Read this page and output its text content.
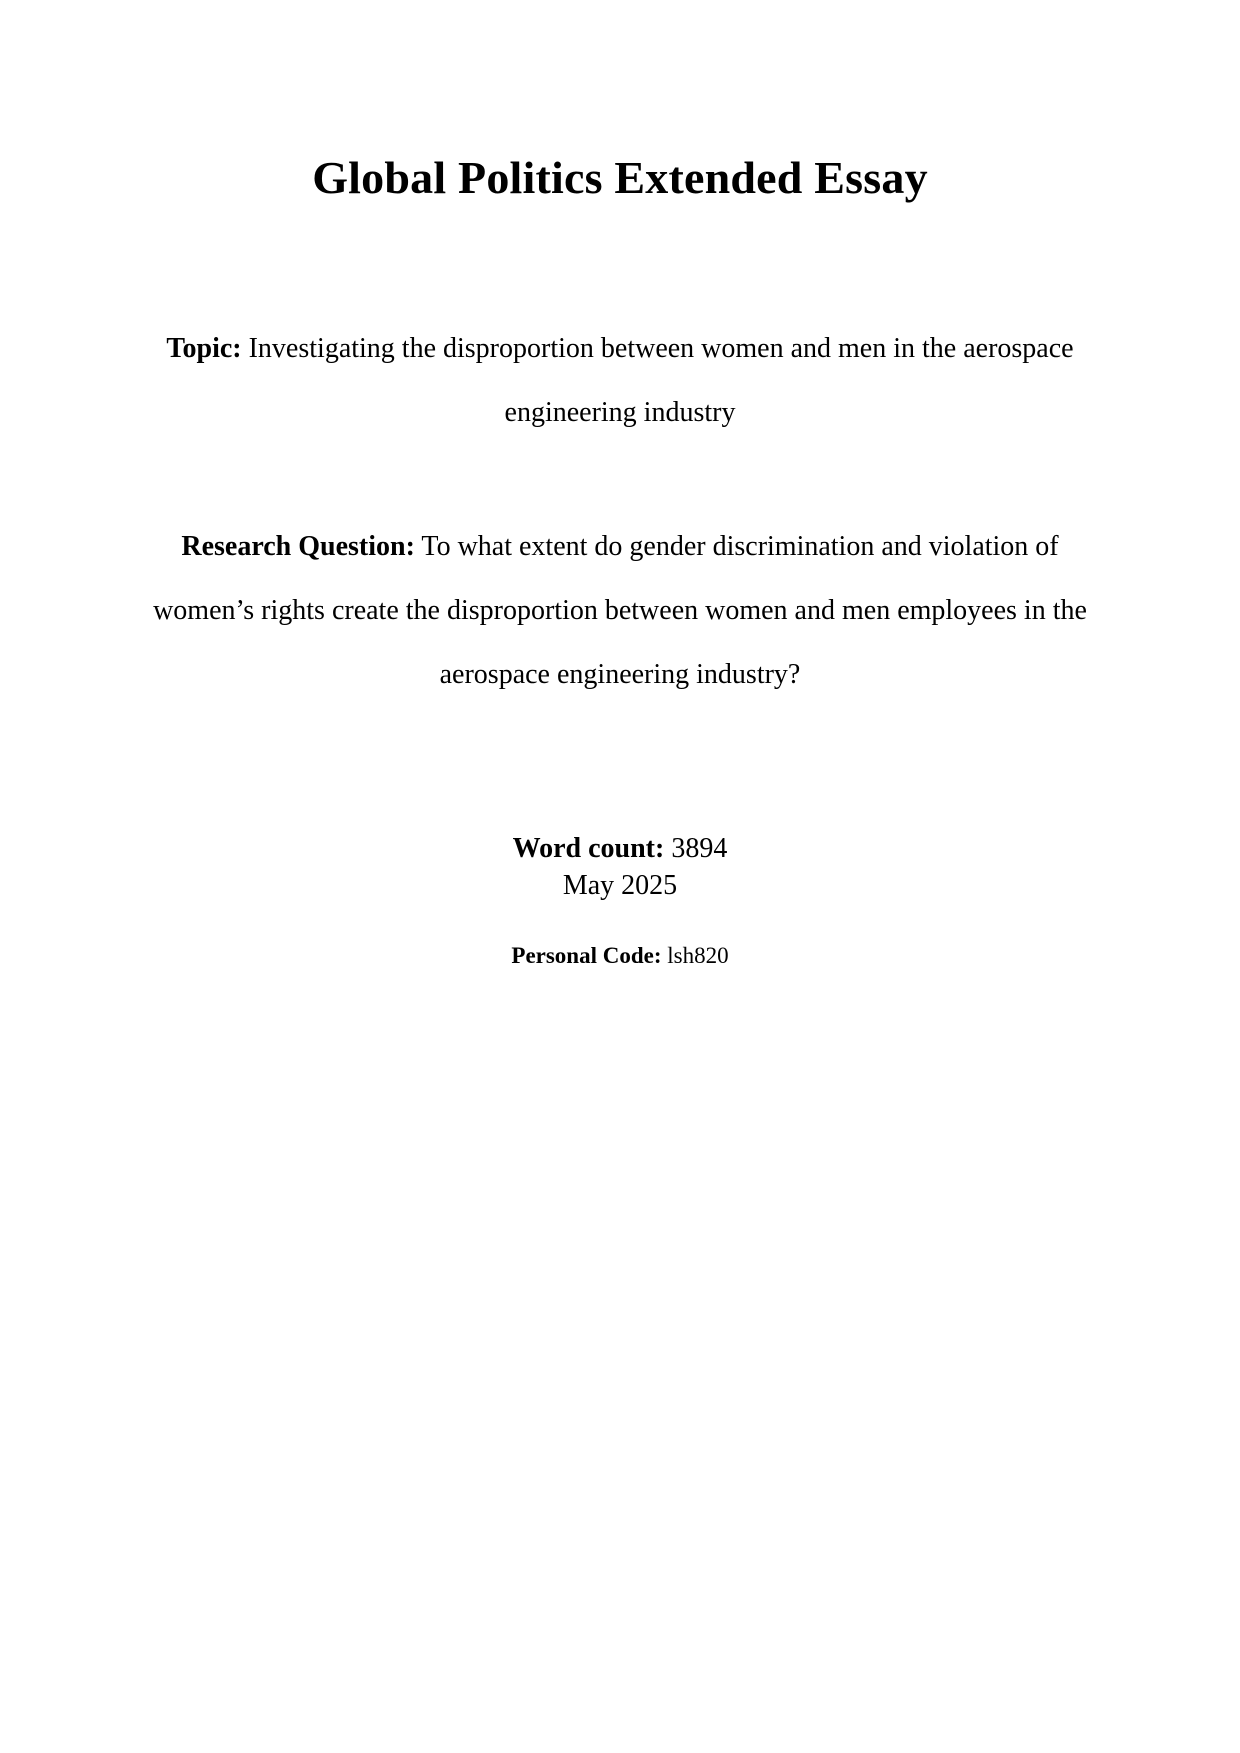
Global Politics Extended Essay
Topic: Investigating the disproportion between women and men in the aerospace engineering industry
Research Question: To what extent do gender discrimination and violation of women’s rights create the disproportion between women and men employees in the aerospace engineering industry?
Word count: 3894
May 2025
Personal Code: lsh820
